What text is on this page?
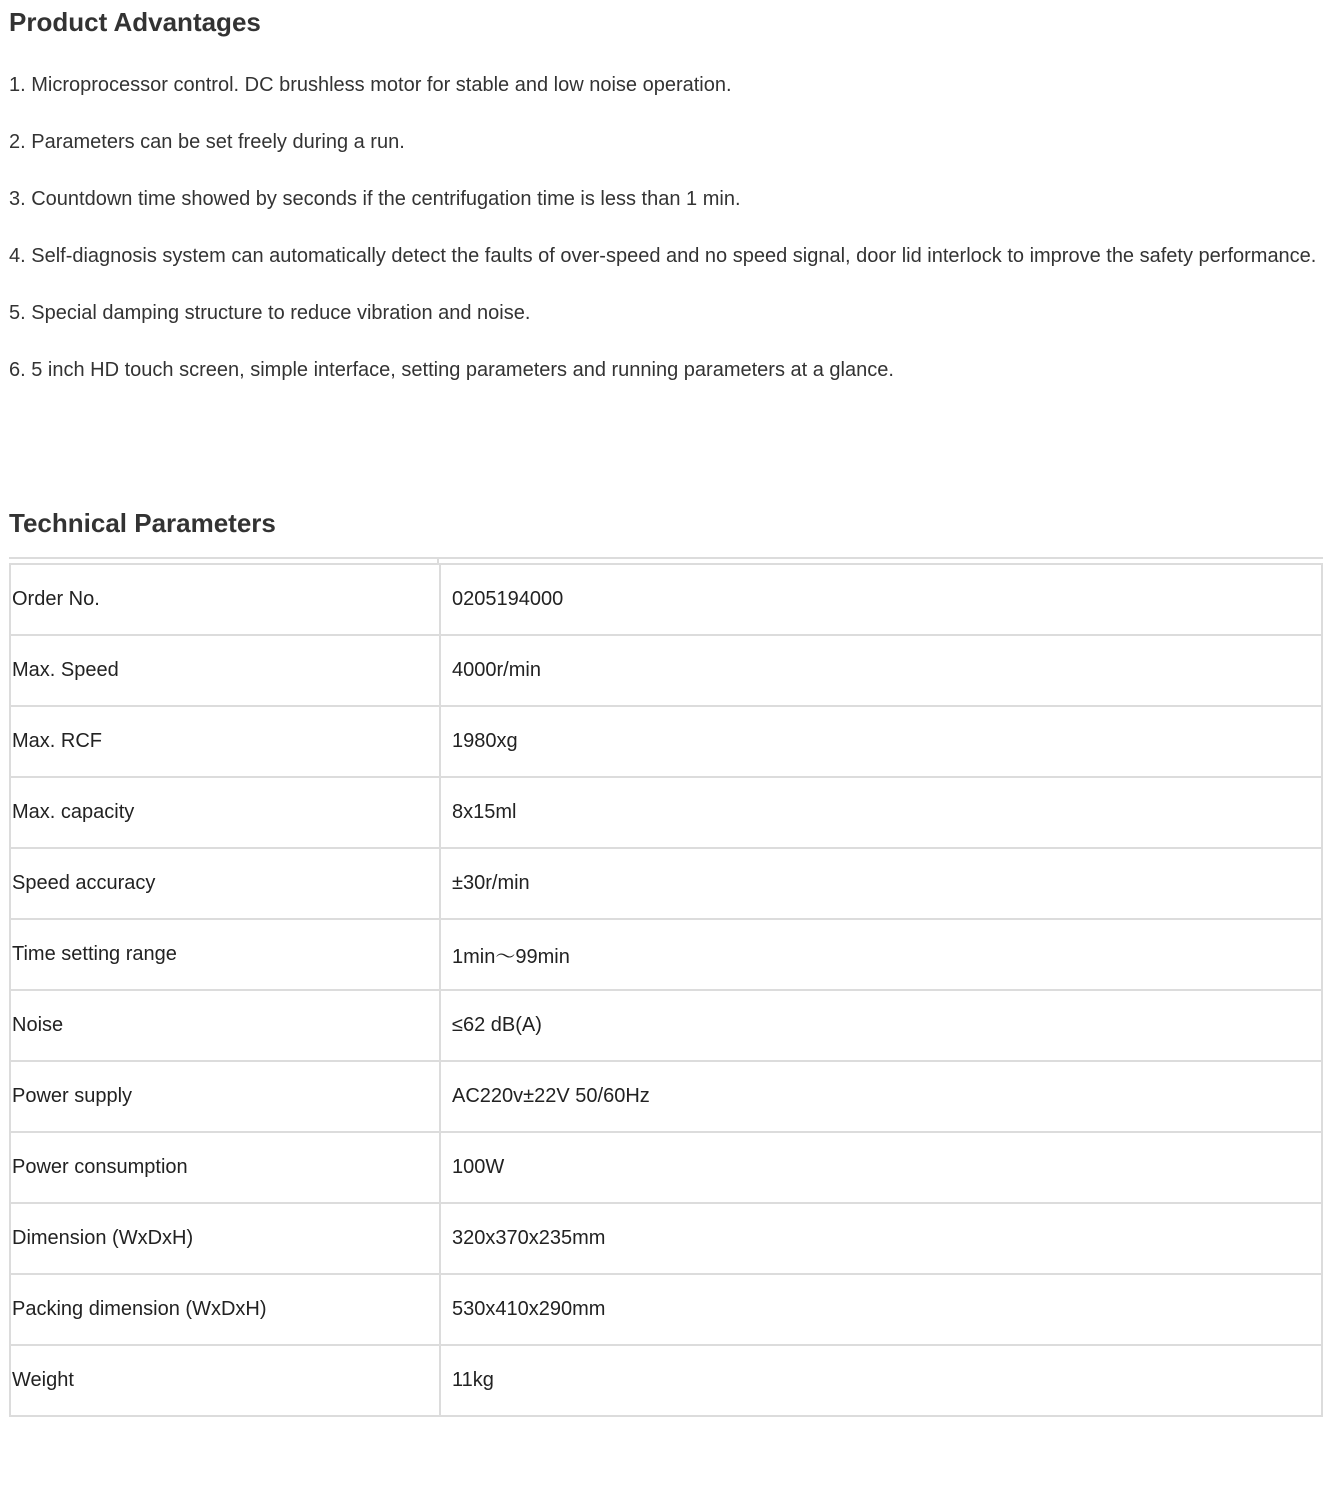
Product Advantages
1. Microprocessor control. DC brushless motor for stable and low noise operation.
2. Parameters can be set freely during a run.
3. Countdown time showed by seconds if the centrifugation time is less than 1 min.
4. Self-diagnosis system can automatically detect the faults of over-speed and no speed signal, door lid interlock to improve the safety performance.
5. Special damping structure to reduce vibration and noise.
6. 5 inch HD touch screen, simple interface, setting parameters and running parameters at a glance.
Technical Parameters
Order No.	0205194000
Max. Speed	4000r/min
Max. RCF	1980xg
Max. capacity	8x15ml
Speed accuracy	±30r/min
Time setting range	1min～99min
Noise	≤62 dB(A)
Power supply	AC220v±22V 50/60Hz
Power consumption	100W
Dimension (WxDxH)	320x370x235mm
Packing dimension (WxDxH)	530x410x290mm
Weight	11kg
